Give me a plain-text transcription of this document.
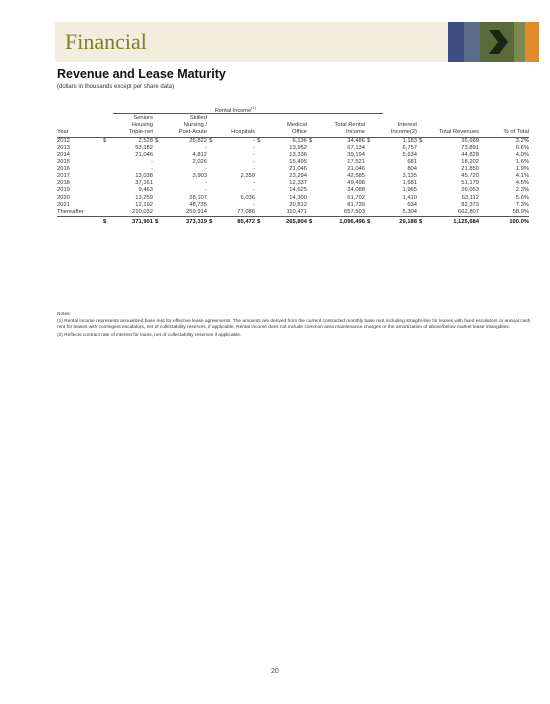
Financial
Revenue and Lease Maturity
(dollars in thousands except per share data)
Rental Income$^{(1)}$
		Seniors		Skilled												
		Housing		Nursing /				Medical		Total Rental		Interest				
Year		Triple-net		Post-Acute		Hospitals		Office		Income		Income(2)		Total Revenues		% of Total
2012	$	2,528	$	25,822	$	-	$	6,136	$	34,486	$	1,183	$	35,669		3.2%
2013		53,182		-		-		13,952		67,134		6,757		73,891		6.6%
2014		21,046		4,812		-		13,336		39,194		5,634		44,828		4.0%
2015		-		2,026		-		15,495		17,521		681		18,202		1.6%
2016		-		-		-		21,046		21,046		804		21,850		1.9%
2017		13,038		3,903		2,350		23,294		42,585		3,135		45,720		4.1%
2018		37,161		-		-		12,337		49,498		1,681		51,179		4.5%
2019		9,463		-		-		14,625		24,088		1,965		26,053		2.3%
2020		13,259		28,107		6,036		14,300		61,702		1,410		63,112		5.6%
2021		12,192		48,735		-		20,812		81,739		634		82,373		7.3%
Thereafter		210,032		259,914		77,086		110,471		657,503		5,304		662,807		58.9%
	$	371,901	$	373,319	$	85,472	$	265,804	$	1,096,496	$	29,188	$	1,125,684		100.0%

Notes:

(1) Rental income represents annualized base rent for effective lease agreements. The amounts are derived from the current contracted monthly base rent including straight-line for leases with fixed escalators or annual cash rent for leases with contingent escalators, net of collectability reserves, if applicable. Rental income does not include common area maintenance charges or the amortization of above/below market lease intangibles.

(2) Reflects contract rate of interest for loans, net of collectability reserves if applicable.

20
